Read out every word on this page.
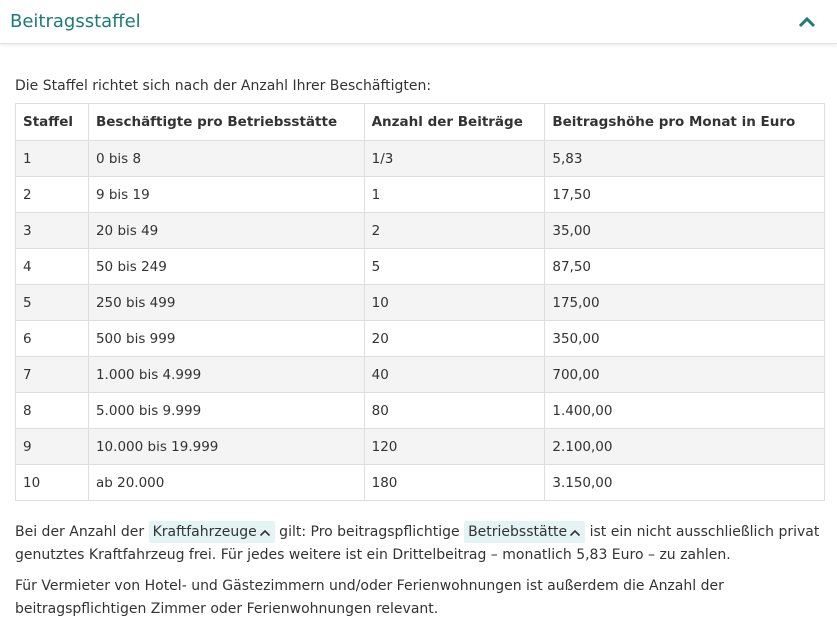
Beitragsstaffel

Die Staffel richtet sich nach der Anzahl Ihrer Beschäftigten:

Staffel	Beschäftigte pro Betriebsstätte	Anzahl der Beiträge	Beitragshöhe pro Monat in Euro
1	0 bis 8	1/3	5,83
2	9 bis 19	1	17,50
3	20 bis 49	2	35,00
4	50 bis 249	5	87,50
5	250 bis 499	10	175,00
6	500 bis 999	20	350,00
7	1.000 bis 4.999	40	700,00
8	5.000 bis 9.999	80	1.400,00
9	10.000 bis 19.999	120	2.100,00
10	ab 20.000	180	3.150,00

Bei der Anzahl der Kraftfahrzeuge gilt: Pro beitragspflichtige Betriebsstätte ist ein nicht ausschließlich privat genutztes Kraftfahrzeug frei. Für jedes weitere ist ein Drittelbeitrag – monatlich 5,83 Euro – zu zahlen.

Für Vermieter von Hotel- und Gästezimmern und/oder Ferienwohnungen ist außerdem die Anzahl der beitragspflichtigen Zimmer oder Ferienwohnungen relevant.
